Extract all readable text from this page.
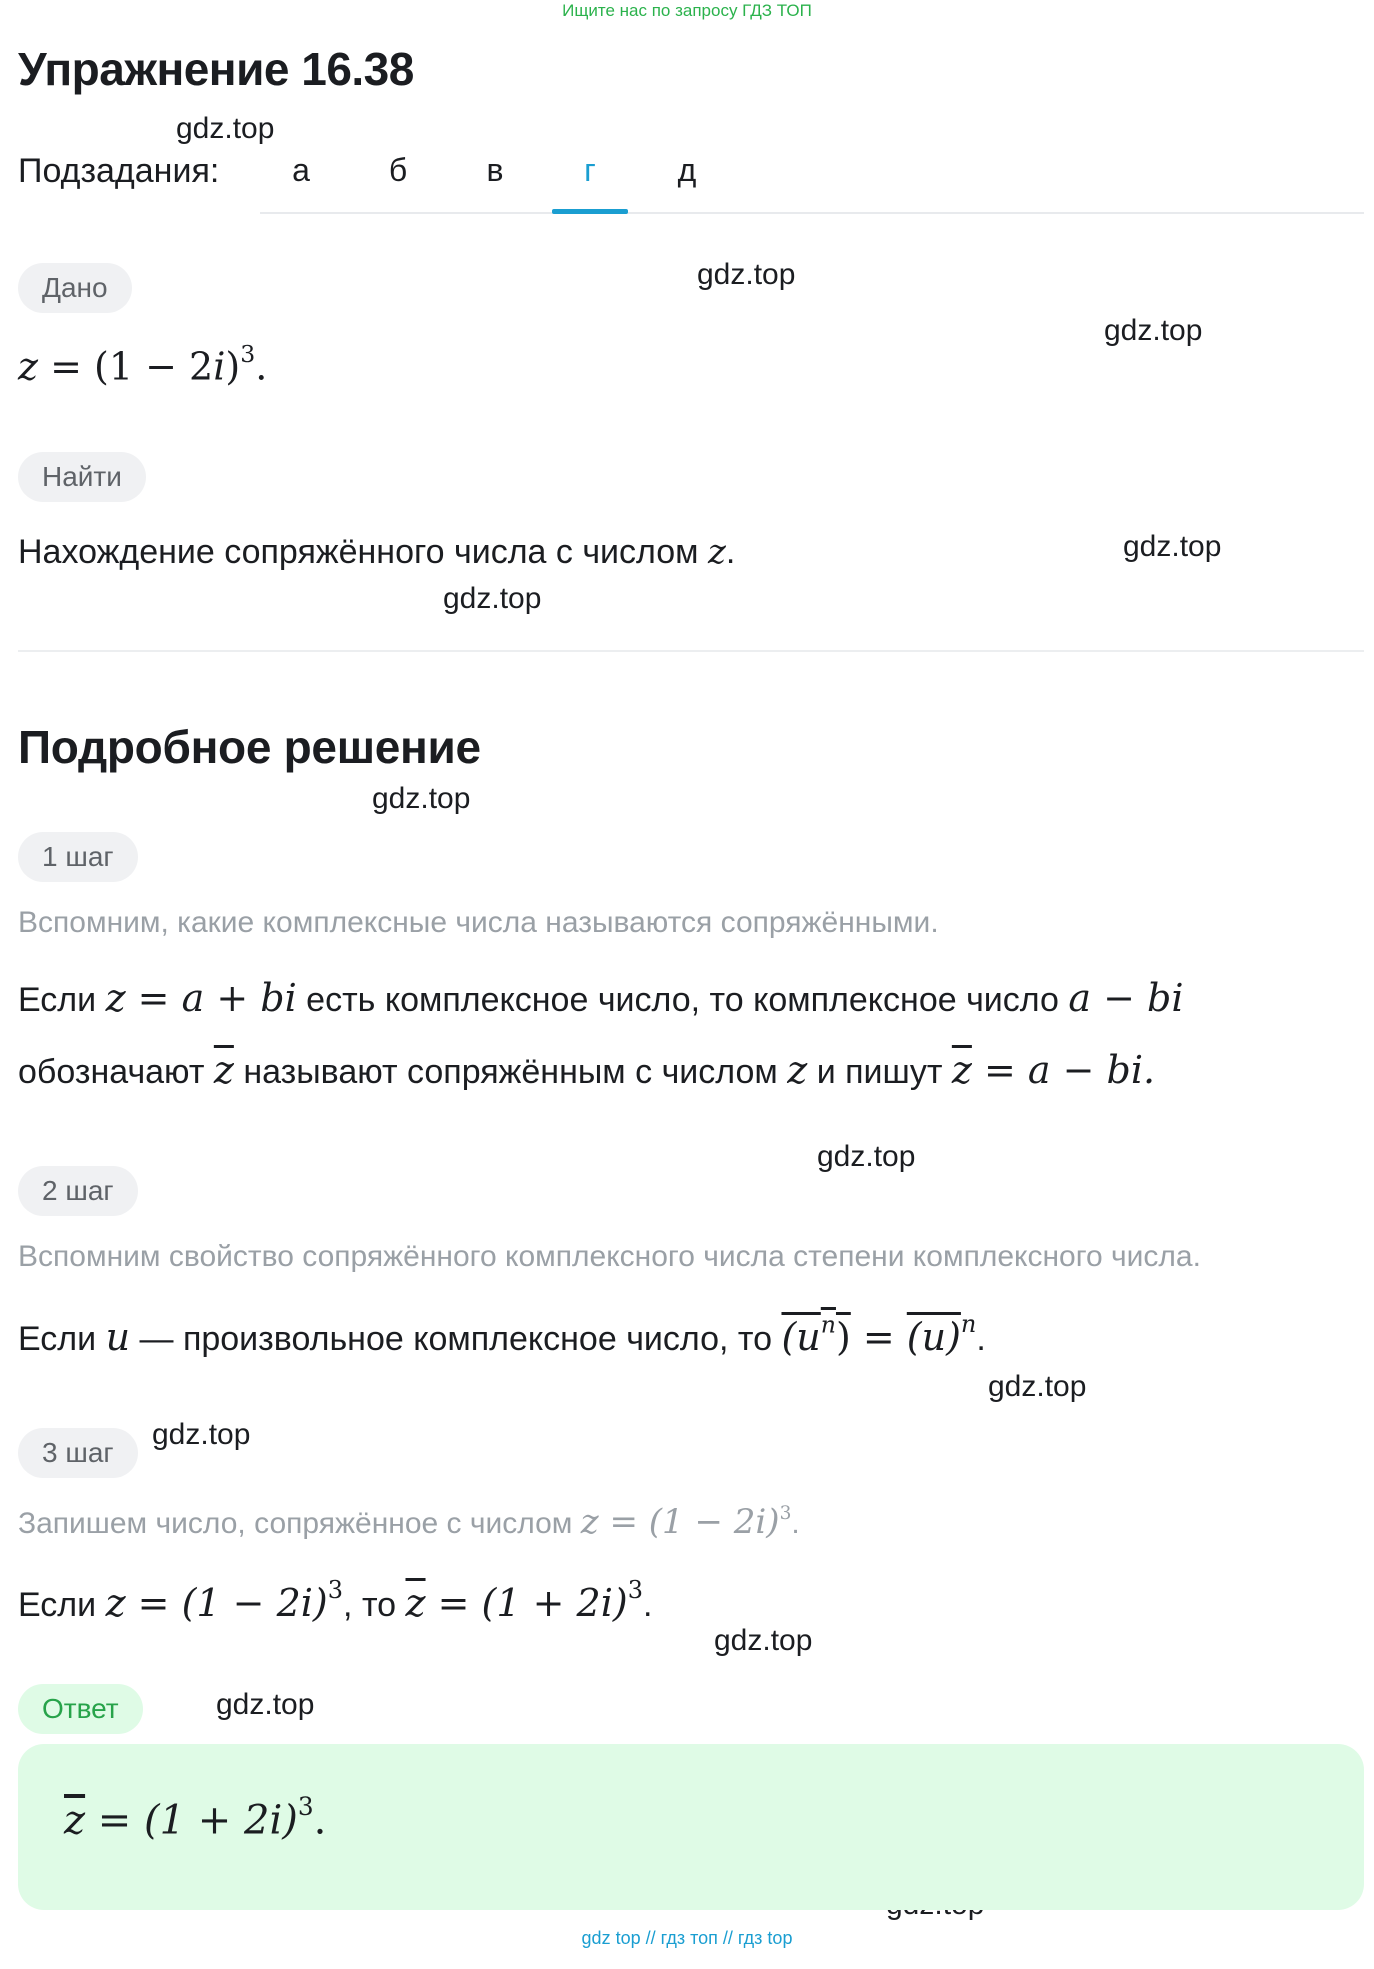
Ищите нас по запросу ГДЗ ТОП
Упражнение 16.38
gdz.top
gdz.top
gdz.top
gdz.top
gdz.top
gdz.top
gdz.top
gdz.top
gdz.top
gdz.top
gdz.top
Подзадания:	а	б	в	г	д
Дано
$z = (1 - 2i)^3$.
Найти
Нахождение сопряжённого числа с числом z.
Подробное решение
1 шаг
Вспомним, какие комплексные числа называются сопряжёнными.
Если z = a + bi есть комплексное число, то комплексное число a − bi
обозначают $\overline{z}$ называют сопряжённым с числом z и пишут $\overline{z} = a$ − bi.
2 шаг
Вспомним свойство сопряжённого комплексного числа степени комплексного числа.
Если u — произвольное комплексное число, то $(u^n) = (u)^n$.
3 шаг
Запишем число, сопряжённое с числом $z = (1 - 2i)^3$.
Если $z = (1 - 2i)^3$, то $\overline{z} = (1 + 2i)^3$.
Ответ
$\overline{z} = (1 + 2i)^3$.
gdz top // гдз топ // гдз top
